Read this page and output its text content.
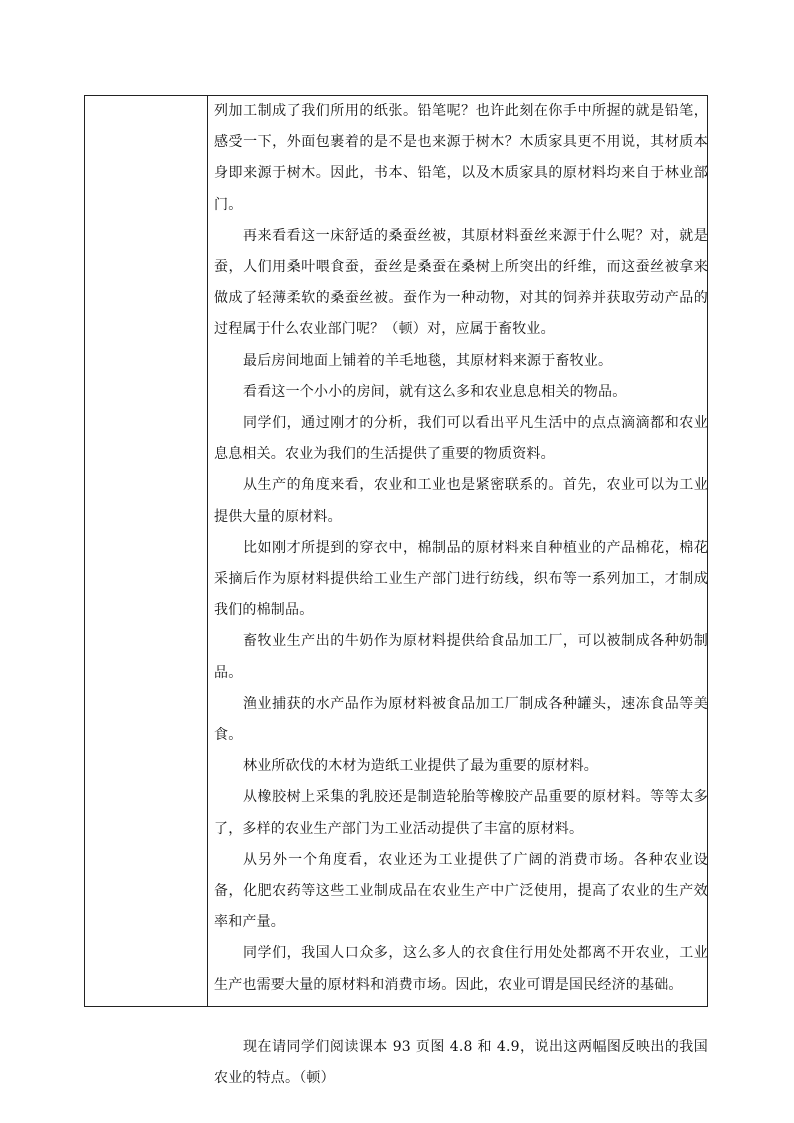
列加工制成了我们所用的纸张。铅笔呢？也许此刻在你手中所握的就是铅笔，感受一下，外面包裹着的是不是也来源于树木？木质家具更不用说，其材质本身即来源于树木。因此，书本、铅笔，以及木质家具的原材料均来自于林业部门。

再来看看这一床舒适的桑蚕丝被，其原材料蚕丝来源于什么呢？对，就是蚕，人们用桑叶喂食蚕，蚕丝是桑蚕在桑树上所突出的纤维，而这蚕丝被拿来做成了轻薄柔软的桑蚕丝被。蚕作为一种动物，对其的饲养并获取劳动产品的过程属于什么农业部门呢？（顿）对，应属于畜牧业。

最后房间地面上铺着的羊毛地毯，其原材料来源于畜牧业。

看看这一个小小的房间，就有这么多和农业息息相关的物品。

同学们，通过刚才的分析，我们可以看出平凡生活中的点点滴滴都和农业息息相关。农业为我们的生活提供了重要的物质资料。

从生产的角度来看，农业和工业也是紧密联系的。首先，农业可以为工业提供大量的原材料。

比如刚才所提到的穿衣中，棉制品的原材料来自种植业的产品棉花，棉花采摘后作为原材料提供给工业生产部门进行纺线，织布等一系列加工，才制成我们的棉制品。

畜牧业生产出的牛奶作为原材料提供给食品加工厂，可以被制成各种奶制品。

渔业捕获的水产品作为原材料被食品加工厂制成各种罐头，速冻食品等美食。

林业所砍伐的木材为造纸工业提供了最为重要的原材料。

从橡胶树上采集的乳胶还是制造轮胎等橡胶产品重要的原材料。等等太多了，多样的农业生产部门为工业活动提供了丰富的原材料。

从另外一个角度看，农业还为工业提供了广阔的消费市场。各种农业设备，化肥农药等这些工业制成品在农业生产中广泛使用，提高了农业的生产效率和产量。

同学们，我国人口众多，这么多人的衣食住行用处处都离不开农业，工业生产也需要大量的原材料和消费市场。因此，农业可谓是国民经济的基础。

现在请同学们阅读课本 93 页图 4.8 和 4.9，说出这两幅图反映出的我国农业的特点。（顿）
